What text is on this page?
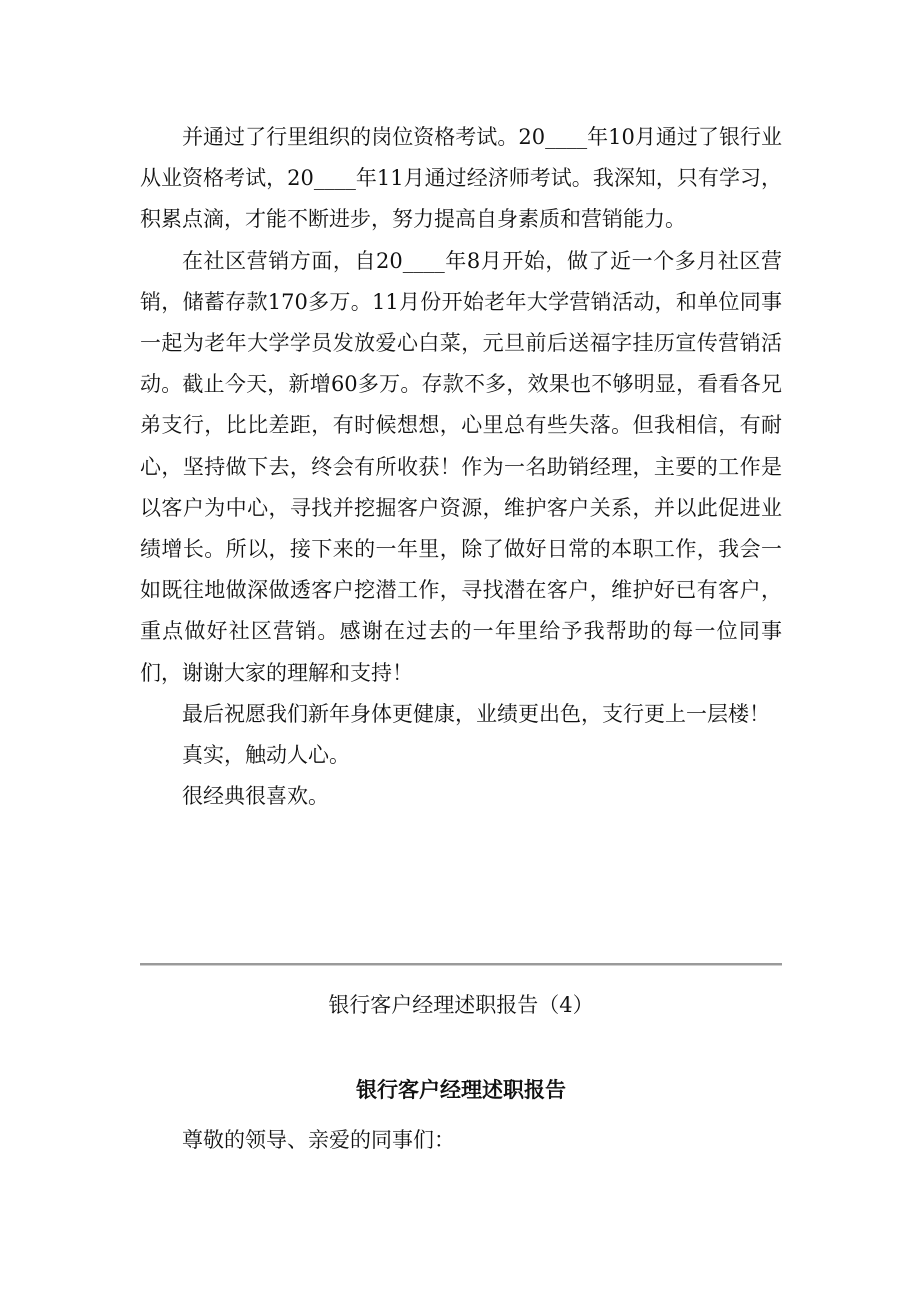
并通过了行里组织的岗位资格考试。20____年10月通过了银行业从业资格考试，20____年11月通过经济师考试。我深知，只有学习，积累点滴，才能不断进步，努力提高自身素质和营销能力。

在社区营销方面，自20____年8月开始，做了近一个多月社区营销，储蓄存款170多万。11月份开始老年大学营销活动，和单位同事一起为老年大学学员发放爱心白菜，元旦前后送福字挂历宣传营销活动。截止今天，新增60多万。存款不多，效果也不够明显，看看各兄弟支行，比比差距，有时候想想，心里总有些失落。但我相信，有耐心，坚持做下去，终会有所收获！作为一名助销经理，主要的工作是以客户为中心，寻找并挖掘客户资源，维护客户关系，并以此促进业绩增长。所以，接下来的一年里，除了做好日常的本职工作，我会一如既往地做深做透客户挖潜工作，寻找潜在客户，维护好已有客户，重点做好社区营销。感谢在过去的一年里给予我帮助的每一位同事们，谢谢大家的理解和支持！

最后祝愿我们新年身体更健康，业绩更出色，支行更上一层楼！

真实，触动人心。

很经典很喜欢。

银行客户经理述职报告（4）
银行客户经理述职报告
尊敬的领导、亲爱的同事们：
